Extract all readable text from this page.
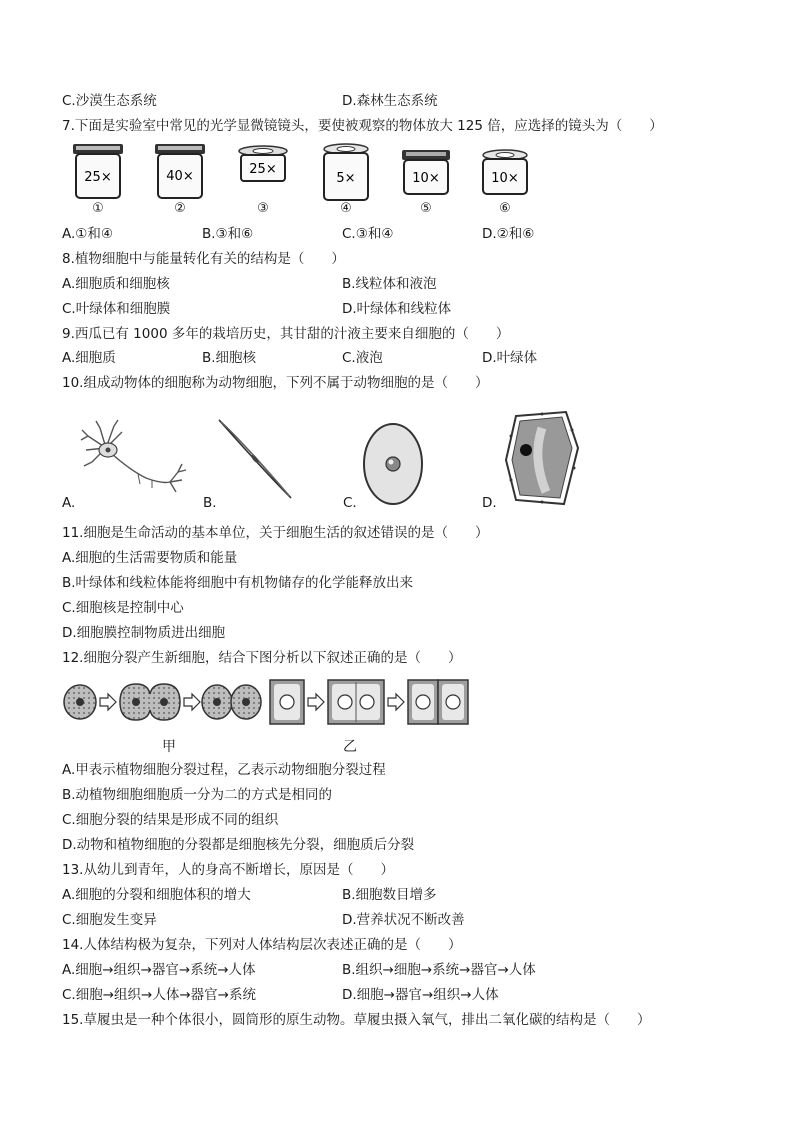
C.沙漠生态系统	D.森林生态系统
7.下面是实验室中常见的光学显微镜镜头，要使被观察的物体放大 125 倍，应选择的镜头为（　　）
25×
①
40×
②
25×
③
5×
④
10×
⑤
10×
⑥
A.①和④	B.③和⑥	C.③和④	D.②和⑥
8.植物细胞中与能量转化有关的结构是（　　）
A.细胞质和细胞核	B.线粒体和液泡
C.叶绿体和细胞膜	D.叶绿体和线粒体
9.西瓜已有 1000 多年的栽培历史，其甘甜的汁液主要来自细胞的（　　）
A.细胞质	B.细胞核	C.液泡	D.叶绿体
10.组成动物体的细胞称为动物细胞，下列不属于动物细胞的是（　　）
A.	B.	C.	D.
11.细胞是生命活动的基本单位，关于细胞生活的叙述错误的是（　　）
A.细胞的生活需要物质和能量
B.叶绿体和线粒体能将细胞中有机物储存的化学能释放出来
C.细胞核是控制中心
D.细胞膜控制物质进出细胞
12.细胞分裂产生新细胞，结合下图分析以下叙述正确的是（　　）
甲	乙
A.甲表示植物细胞分裂过程，乙表示动物细胞分裂过程
B.动植物细胞细胞质一分为二的方式是相同的
C.细胞分裂的结果是形成不同的组织
D.动物和植物细胞的分裂都是细胞核先分裂，细胞质后分裂
13.从幼儿到青年，人的身高不断增长，原因是（　　）
A.细胞的分裂和细胞体积的增大	B.细胞数目增多
C.细胞发生变异	D.营养状况不断改善
14.人体结构极为复杂，下列对人体结构层次表述正确的是（　　）
A.细胞→组织→器官→系统→人体	B.组织→细胞→系统→器官→人体
C.细胞→组织→人体→器官→系统	D.细胞→器官→组织→人体
15.草履虫是一种个体很小，圆筒形的原生动物。草履虫摄入氧气，排出二氧化碳的结构是（　　）
